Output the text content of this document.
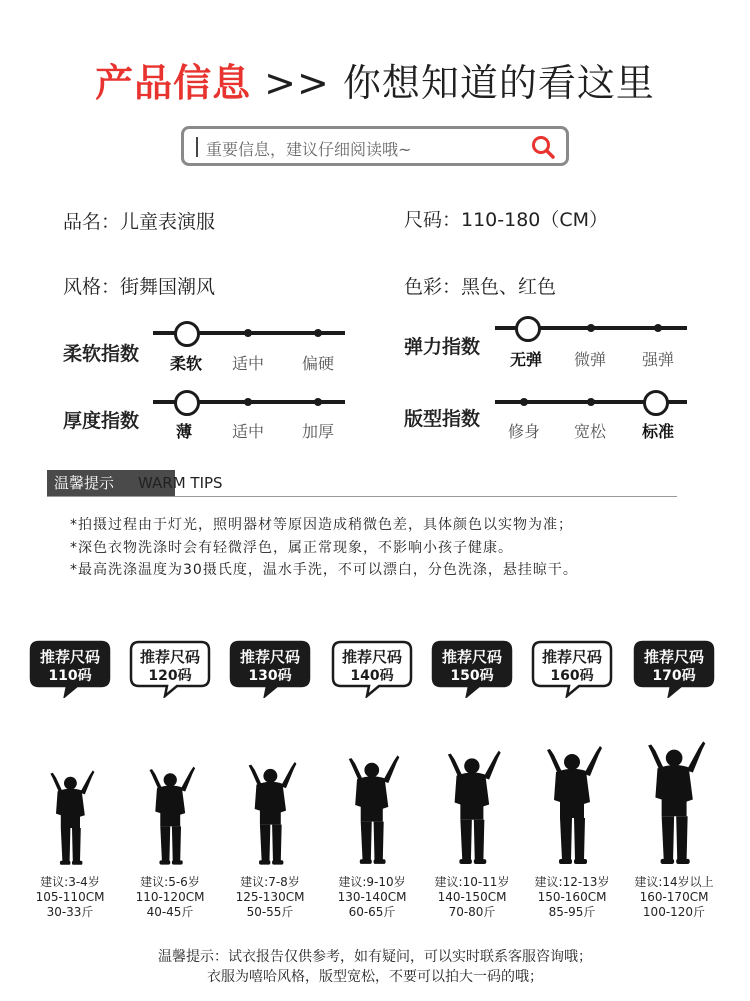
产品信息 >> 你想知道的看这里
重要信息，建议仔细阅读哦~
品名：儿童表演服	尺码：110-180（CM）
风格：街舞国潮风	色彩：黑色、红色
柔软指数	柔软	适中	偏硬
弹力指数
无弹	微弹	强弹
厚度指数	薄	适中	加厚
版型指数
修身	宽松	标准
温馨提示	WARM TIPS
*拍摄过程由于灯光，照明器材等原因造成稍微色差，具体颜色以实物为准；
*深色衣物洗涤时会有轻微浮色，属正常现象，不影响小孩子健康。
*最高洗涤温度为30摄氏度，温水手洗，不可以漂白，分色洗涤，悬挂晾干。
推荐尺码
110码
建议:3-4岁
105-110CM
30-33斤
推荐尺码
120码
建议:5-6岁
110-120CM
40-45斤
推荐尺码
130码
建议:7-8岁
125-130CM
50-55斤
推荐尺码
140码
建议:9-10岁
130-140CM
60-65斤
推荐尺码
150码
建议:10-11岁
140-150CM
70-80斤
推荐尺码
160码
建议:12-13岁
150-160CM
85-95斤
推荐尺码
170码
建议:14岁以上
160-170CM
100-120斤
温馨提示：试衣报告仅供参考，如有疑问，可以实时联系客服咨询哦；
衣服为嘻哈风格，版型宽松，不要可以拍大一码的哦；
